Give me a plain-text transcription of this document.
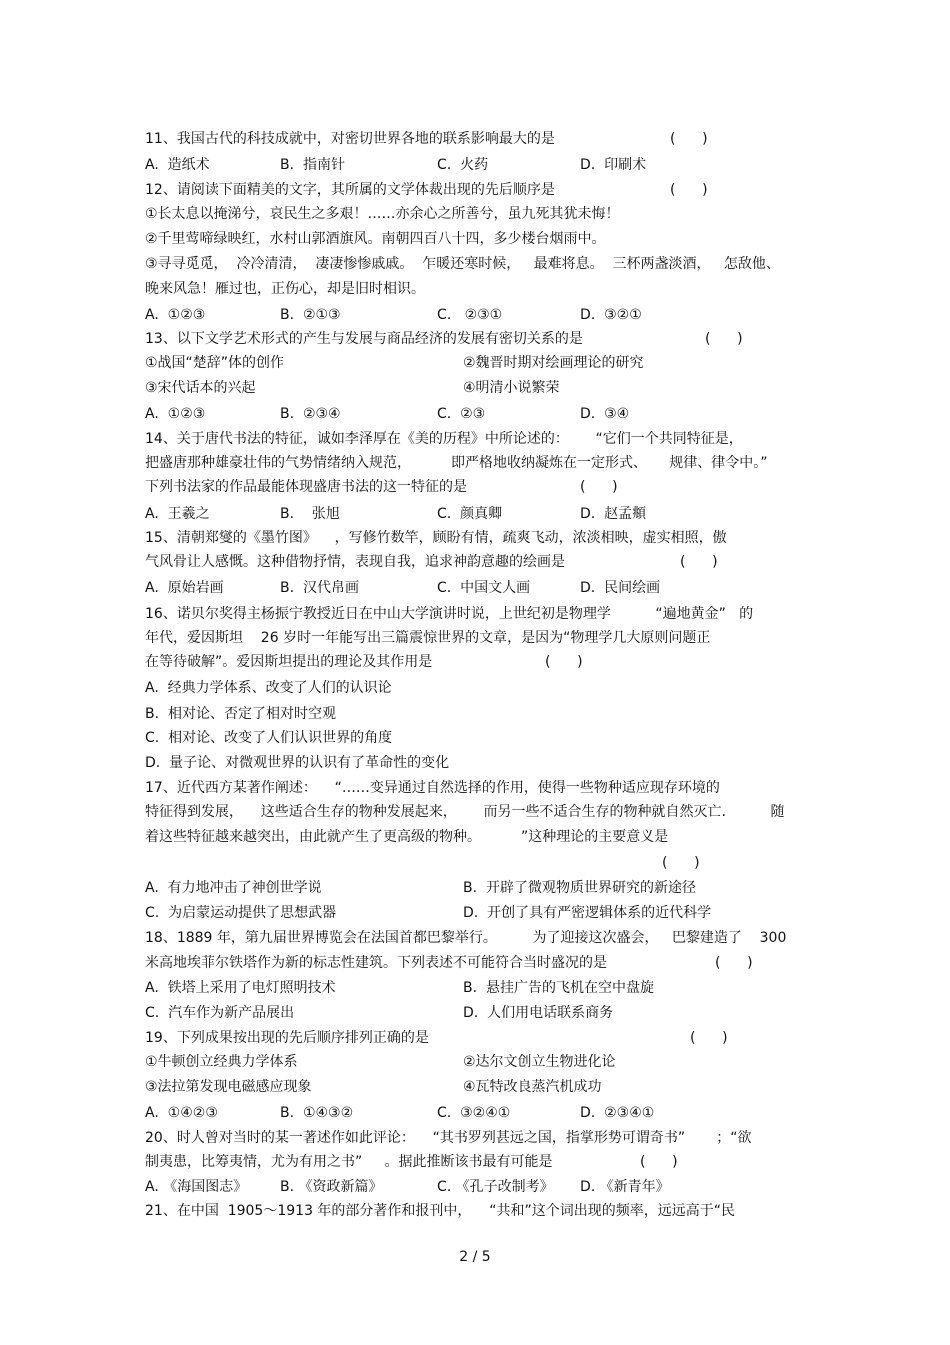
11、我国古代的科技成就中，对密切世界各地的联系影响最大的是	(      )
A.  造纸术	B.  指南针	C.  火药	D.  印刷术
12、请阅读下面精美的文字，其所属的文学体裁出现的先后顺序是	(      )
①长太息以掩涕兮，哀民生之多艰！……亦余心之所善兮，虽九死其犹未悔！
②千里莺啼绿映红，水村山郭酒旗风。南朝四百八十四，多少楼台烟雨中。
③寻寻觅觅，  冷冷清清，  凄凄惨惨戚戚。  乍暖还寒时候，   最难将息。  三杯两盏淡酒，   怎敌他、
晚来风急！雁过也，正伤心，却是旧时相识。
A.  ①②③	B.  ②①③	C.   ②③①	D.  ③②①
13、以下文学艺术形式的产生与发展与商品经济的发展有密切关系的是	(      )
①战国“楚辞”体的创作	②魏晋时期对绘画理论的研究
③宋代话本的兴起	④明清小说繁荣
A.  ①②③	B.  ②③④	C.  ②③	D.  ③④
14、关于唐代书法的特征，诚如李泽厚在《美的历程》中所论述的：      “它们一个共同特征是，
把盛唐那种雄豪壮伟的气势情绪纳入规范，         即严格地收纳凝炼在一定形式、     规律、律令中。”
下列书法家的作品最能体现盛唐书法的这一特征的是	(      )
A.  王羲之	B.    张旭	C.  颜真卿	D.  赵孟頫
15、清朝郑燮的《墨竹图》    ，写修竹数竿，顾盼有情，疏爽飞动，浓淡相映，虚实相照，傲
气风骨让人感慨。这种借物抒情，表现自我，追求神韵意趣的绘画是	(      )
A.  原始岩画	B.  汉代帛画	C.  中国文人画	D.  民间绘画
16、诺贝尔奖得主杨振宁教授近日在中山大学演讲时说，上世纪初是物理学          “遍地黄金”   的
年代，爱因斯坦    26 岁时一年能写出三篇震惊世界的文章，是因为“物理学几大原则问题正
在等待破解”。爱因斯坦提出的理论及其作用是	(      )
A.  经典力学体系、改变了人们的认识论
B.  相对论、否定了相对时空观
C.  相对论、改变了人们认识世界的角度
D.  量子论、对微观世界的认识有了革命性的变化
17、近代西方某著作阐述：    “……变异通过自然选择的作用，使得一些物种适应现存环境的
特征得到发展，    这些适合生存的物种发展起来，      而另一些不适合生存的物种就自然灭亡.          随
着这些特征越来越突出，由此就产生了更高级的物种。         ”这种理论的主要意义是
(      )
A.  有力地冲击了神创世学说	B.  开辟了微观物质世界研究的新途径
C.  为启蒙运动提供了思想武器	D.  开创了具有严密逻辑体系的近代科学
18、1889 年，第九届世界博览会在法国首都巴黎举行。        为了迎接这次盛会，   巴黎建造了    300
米高地埃菲尔铁塔作为新的标志性建筑。下列表述不可能符合当时盛况的是	(      )
A.  铁塔上采用了电灯照明技术	B.  悬挂广告的飞机在空中盘旋
C.  汽车作为新产品展出	D.  人们用电话联系商务
19、下列成果按出现的先后顺序排列正确的是	(      )
①牛顿创立经典力学体系	②达尔文创立生物进化论
③法拉第发现电磁感应现象	④瓦特改良蒸汽机成功
A.  ①④②③	B.  ①④③②	C.  ③②④①	D.  ②③④①
20、时人曾对当时的某一著述作如此评论：    “其书罗列甚远之国，指掌形势可谓奇书”       ；“欲
制夷患，比筹夷情，尤为有用之书”     。据此推断该书最有可能是	(      )
A. 《海国图志》 B. 《资政新篇》	C. 《孔子改制考》 D. 《新青年》
21、在中国  1905～1913 年的部分著作和报刊中，    “共和”这个词出现的频率，远远高于“民
2 / 5
